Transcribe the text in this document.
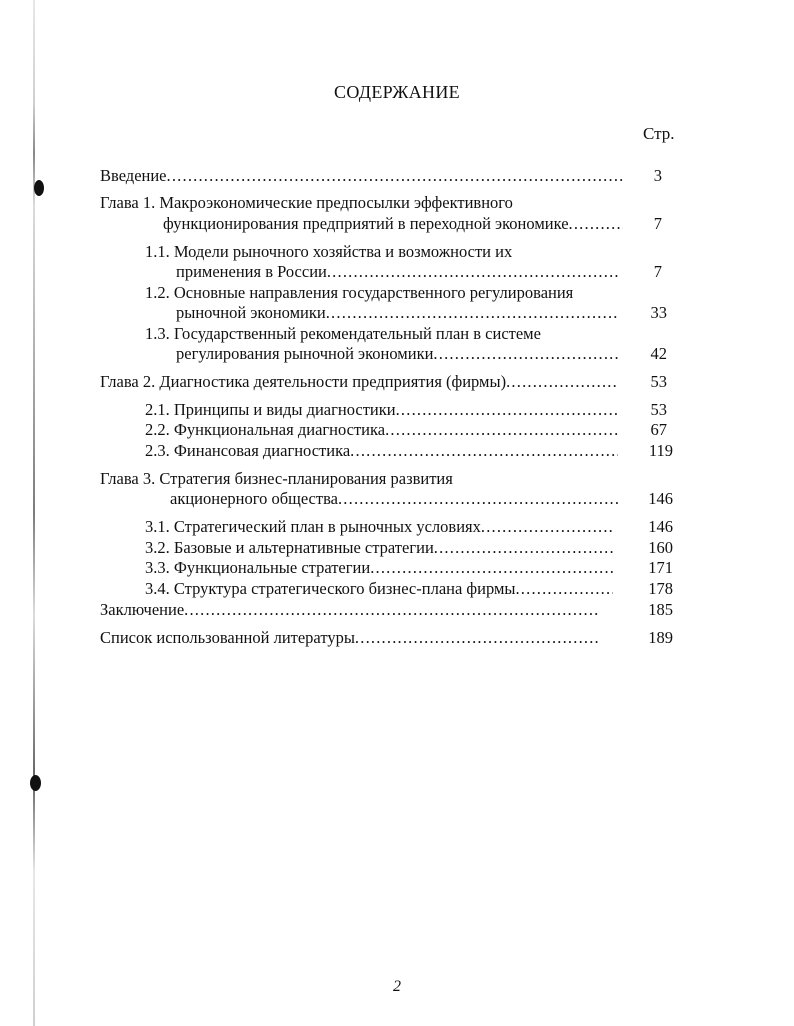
СОДЕРЖАНИЕ
Стр.
Введение .....	3
Глава 1. Макроэкономические предпосылки эффективного
функционирования предприятий в переходной экономике .....	7
1.1. Модели рыночного хозяйства и возможности их
применения в России .....	7
1.2. Основные направления государственного регулирования
рыночной экономики .....	33
1.3. Государственный рекомендательный план в системе
регулирования рыночной экономики .....	42
Глава 2. Диагностика деятельности предприятия (фирмы) .....	53
2.1. Принципы и виды диагностики .....	53
2.2. Функциональная диагностика .....	67
2.3. Финансовая диагностика .....	119
Глава 3. Стратегия бизнес-планирования развития
акционерного общества .....	146
3.1. Стратегический план в рыночных условиях .....	146
3.2. Базовые и альтернативные стратегии .....	160
3.3. Функциональные стратегии .....	171
3.4. Структура стратегического бизнес-плана фирмы .....	178
Заключение .....	185
Список использованной литературы .....	189
2
